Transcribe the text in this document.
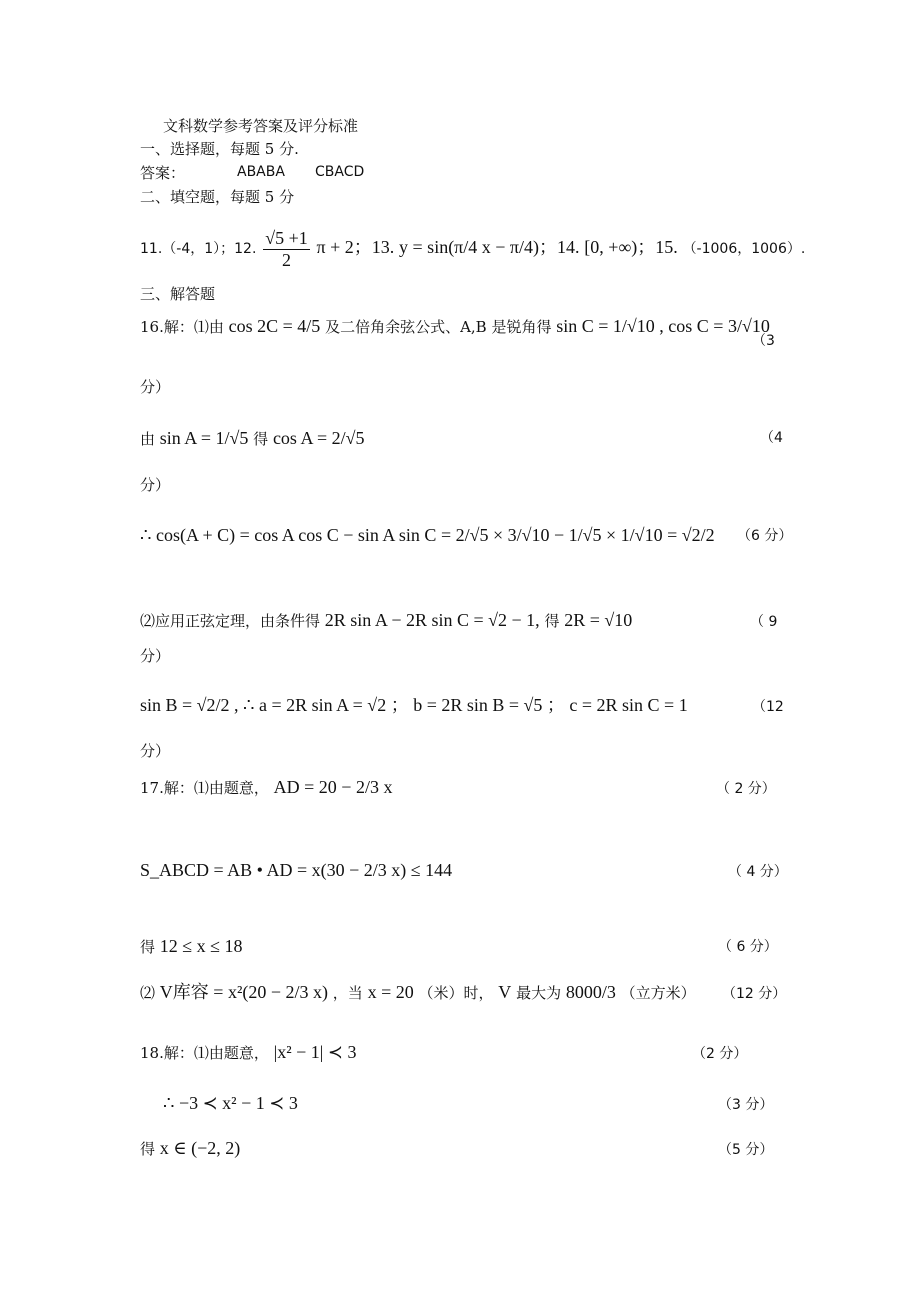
文科数学参考答案及评分标准
一、选择题，每题 5 分.
答案：	ABABA CBACD
二、填空题，每题 5 分
11.（-4，1）；12. $\frac{√5 +1}{2}$ π + 2；13. y = sin(π/4 x − π/4)；14. [0, +∞)；15. （-1006，1006）.
三、解答题
16.解：⑴由 cos 2C = 4/5 及二倍角余弦公式、A,B 是锐角得 sin C = 1/√10 , cos C = 3/√10
（3
分）
由 sin A = 1/√5 得 cos A = 2/√5	（4
分）
∴ cos(A + C) = cos A cos C − sin A sin C = 2/√5 × 3/√10 − 1/√5 × 1/√10 = √2/2 （6 分）
⑵应用正弦定理，由条件得 2R sin A − 2R sin C = √2 − 1, 得 2R = √10	（ 9
分）
sin B = √2/2 , ∴ a = 2R sin A = √2 ； b = 2R sin B = √5 ； c = 2R sin C = 1	（12
分）
17.解：⑴由题意， AD = 20 − 2/3 x	（ 2 分）
S_ABCD = AB • AD = x(30 − 2/3 x) ≤ 144	（ 4 分）
得 12 ≤ x ≤ 18	（ 6 分）
⑵ V库容 = x²(20 − 2/3 x) ，当 x = 20 （米）时， V 最大为 8000/3 （立方米） （12 分）
18.解：⑴由题意， |x² − 1| ≺ 3	（2 分）
∴ −3 ≺ x² − 1 ≺ 3	（3 分）
得 x ∈ (−2, 2)	（5 分）
